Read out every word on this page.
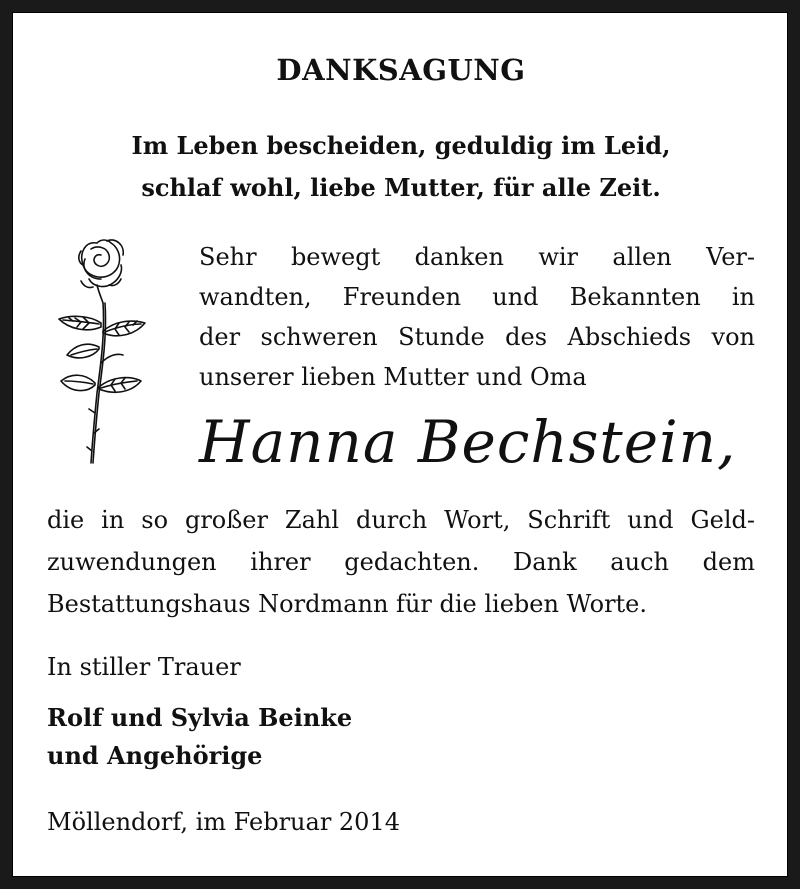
DANKSAGUNG
Im Leben bescheiden, geduldig im Leid,
schlaf wohl, liebe Mutter, für alle Zeit.
Sehr bewegt danken wir allen Ver-
wandten, Freunden und Bekannten in
der schweren Stunde des Abschieds von
unserer lieben Mutter und Oma
Hanna Bechstein,
die in so großer Zahl durch Wort, Schrift und Geld-
zuwendungen ihrer gedachten. Dank auch dem
Bestattungshaus Nordmann für die lieben Worte.
In stiller Trauer
Rolf und Sylvia Beinke
und Angehörige
Möllendorf, im Februar 2014
